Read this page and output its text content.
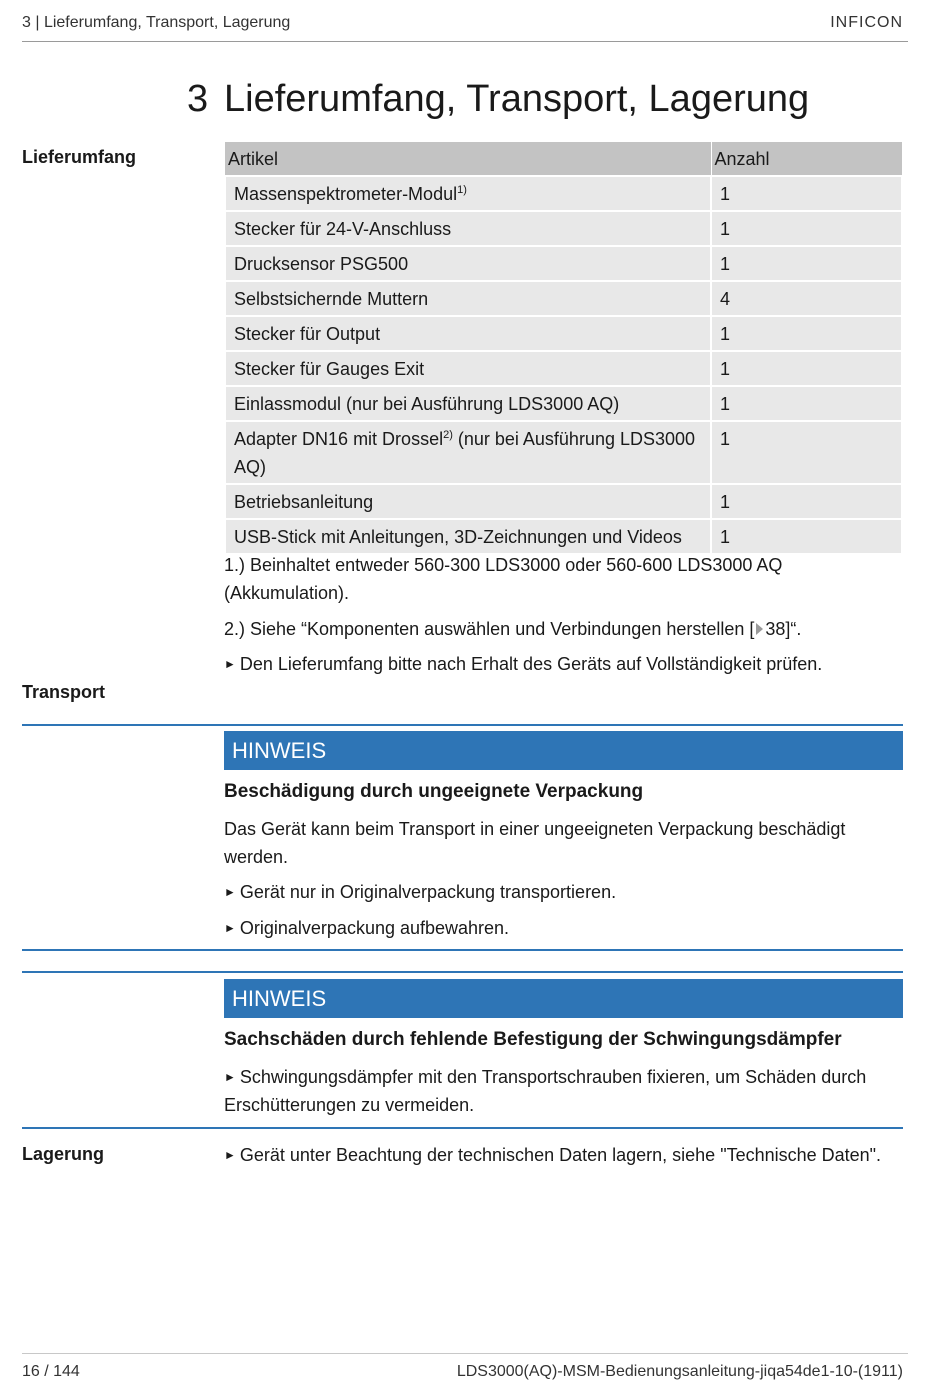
3 | Lieferumfang, Transport, Lagerung	INFICON
3 Lieferumfang, Transport, Lagerung
Lieferumfang
Transport
Lagerung
Artikel	Anzahl
Massenspektrometer-Modul$^{1)}$	1
Stecker für 24-V-Anschluss	1
Drucksensor PSG500	1
Selbstsichernde Muttern	4
Stecker für Output	1
Stecker für Gauges Exit	1
Einlassmodul (nur bei Ausführung LDS3000 AQ)	1
Adapter DN16 mit Drossel$^{2)}$ (nur bei Ausführung LDS3000 AQ)	1
Betriebsanleitung	1
USB-Stick mit Anleitungen, 3D-Zeichnungen und Videos	1
1.) Beinhaltet entweder 560-300 LDS3000 oder 560-600 LDS3000 AQ (Akkumulation).
2.) Siehe “Komponenten auswählen und Verbindungen herstellen [ 38]“.
► Den Lieferumfang bitte nach Erhalt des Geräts auf Vollständigkeit prüfen.
HINWEIS
Beschädigung durch ungeeignete Verpackung
Das Gerät kann beim Transport in einer ungeeigneten Verpackung beschädigt werden.
► Gerät nur in Originalverpackung transportieren.
► Originalverpackung aufbewahren.
HINWEIS
Sachschäden durch fehlende Befestigung der Schwingungsdämpfer
► Schwingungsdämpfer mit den Transportschrauben fixieren, um Schäden durch Erschütterungen zu vermeiden.
► Gerät unter Beachtung der technischen Daten lagern, siehe "Technische Daten".
16 / 144	LDS3000(AQ)-MSM-Bedienungsanleitung-jiqa54de1-10-(1911)
